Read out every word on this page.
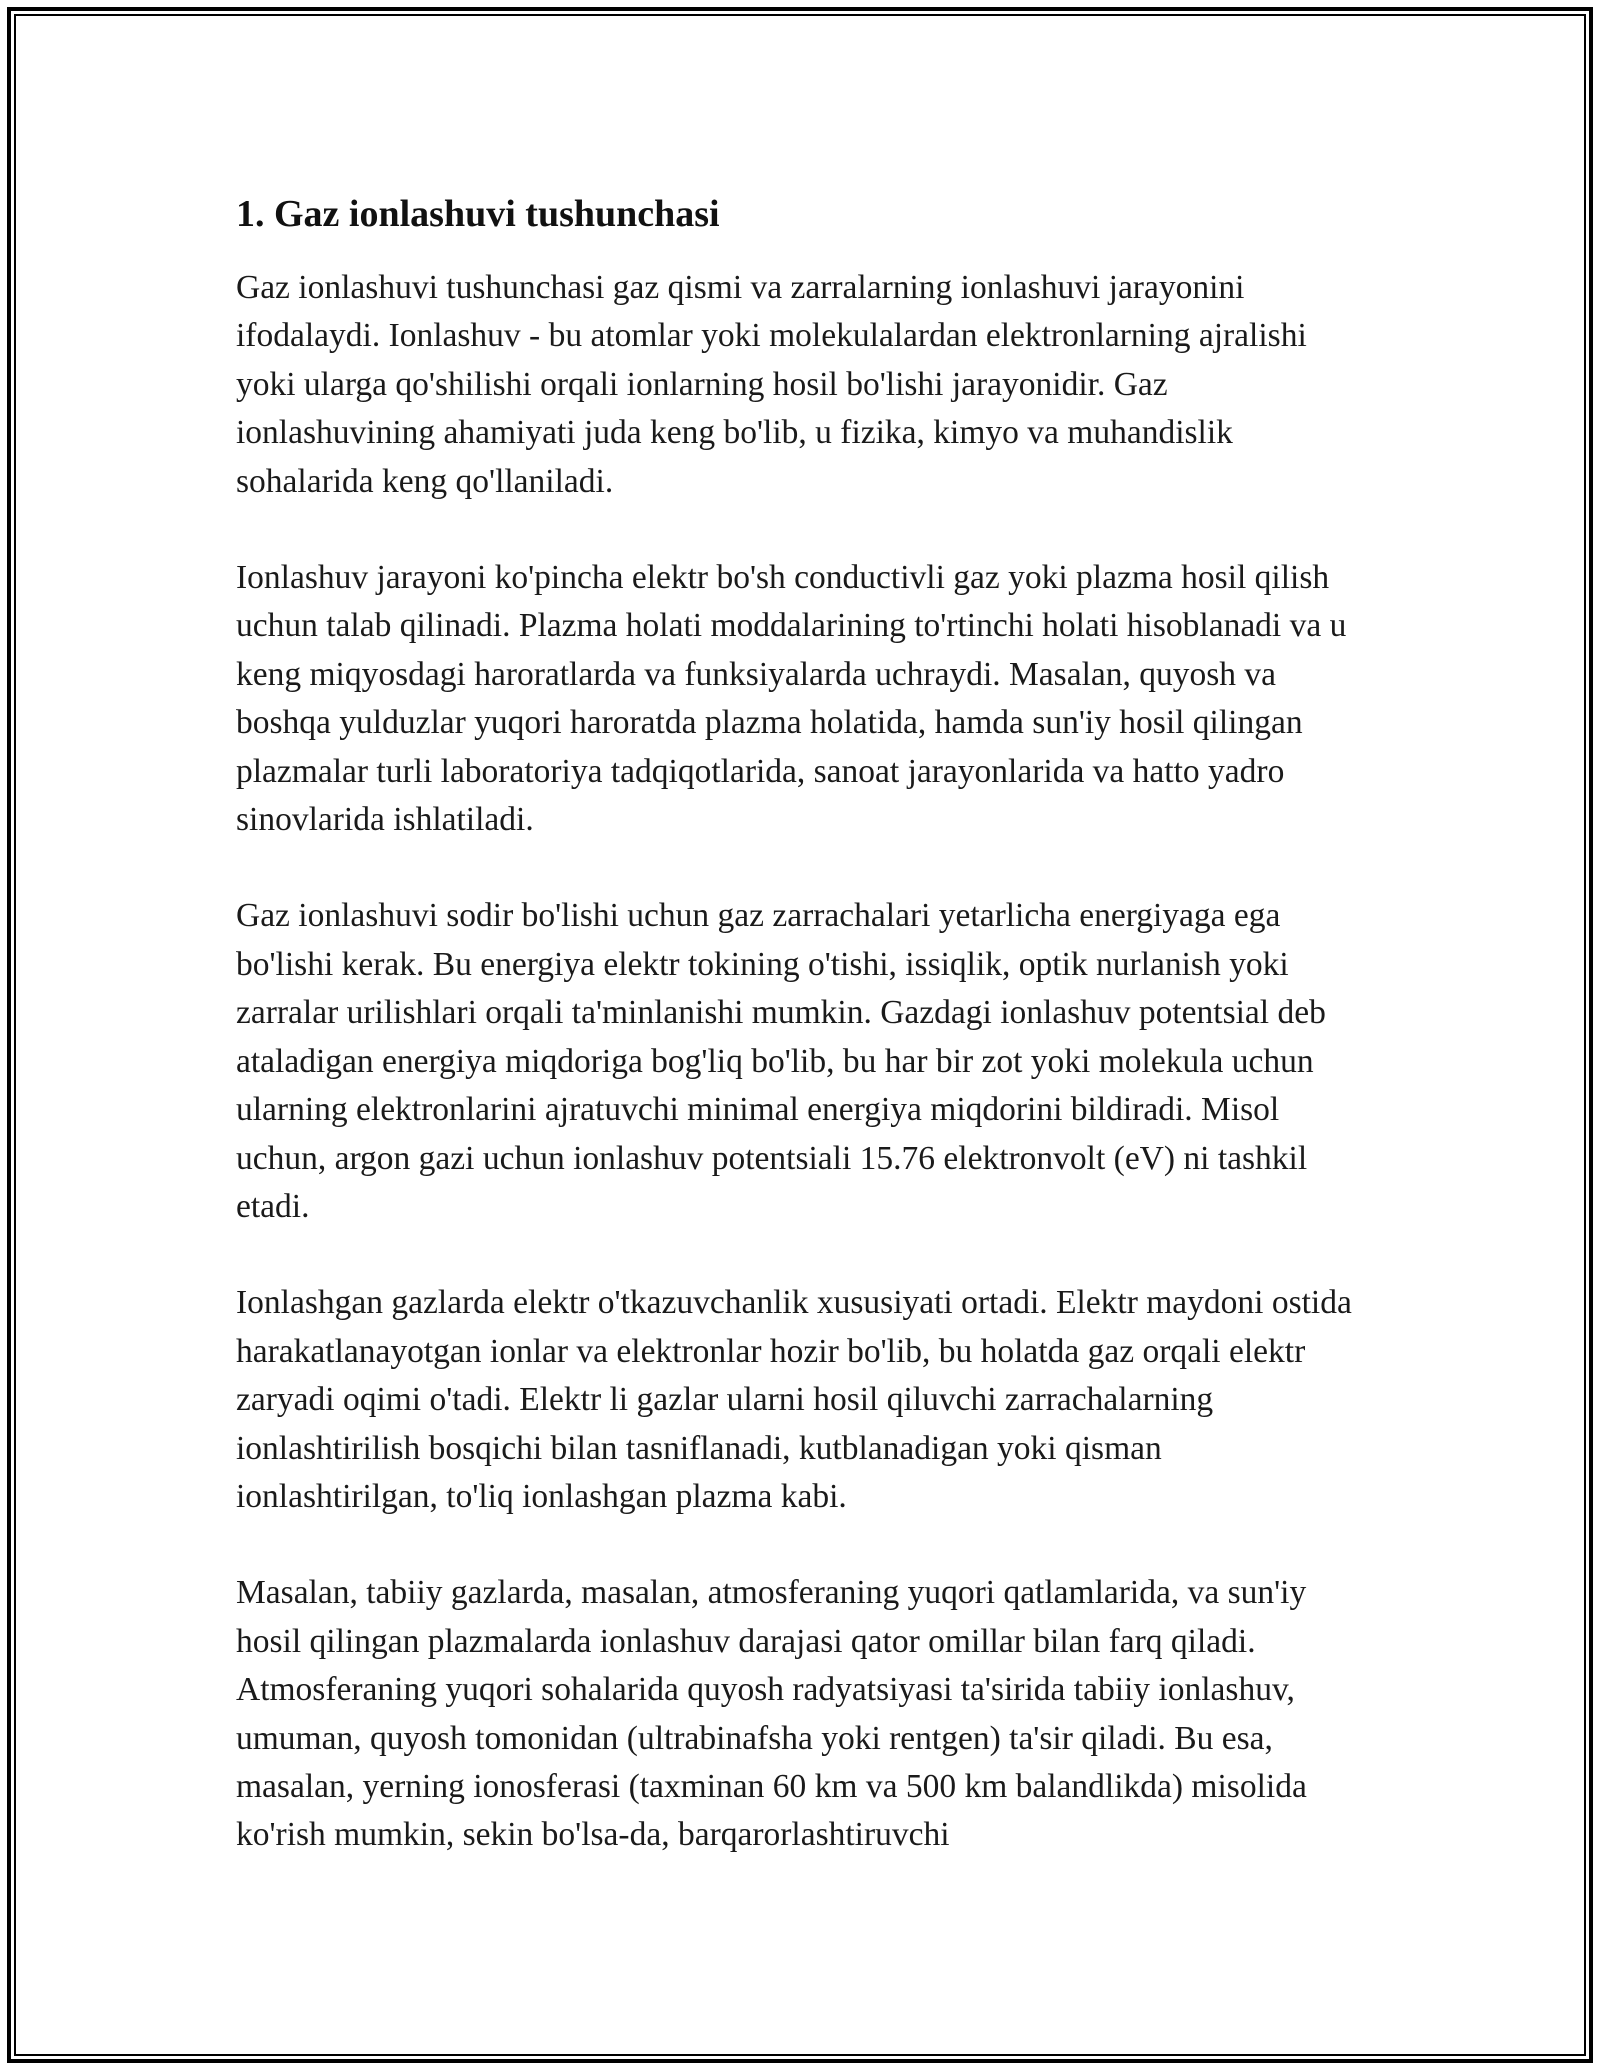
1. Gaz ionlashuvi tushunchasi

Gaz ionlashuvi tushunchasi gaz qismi va zarralarning ionlashuvi jarayonini ifodalaydi. Ionlashuv - bu atomlar yoki molekulalardan elektronlarning ajralishi yoki ularga qo'shilishi orqali ionlarning hosil bo'lishi jarayonidir. Gaz ionlashuvining ahamiyati juda keng bo'lib, u fizika, kimyo va muhandislik sohalarida keng qo'llaniladi.

Ionlashuv jarayoni ko'pincha elektr bo'sh conductivli gaz yoki plazma hosil qilish uchun talab qilinadi. Plazma holati moddalarining to'rtinchi holati hisoblanadi va u keng miqyosdagi haroratlarda va funksiyalarda uchraydi. Masalan, quyosh va boshqa yulduzlar yuqori haroratda plazma holatida, hamda sun'iy hosil qilingan plazmalar turli laboratoriya tadqiqotlarida, sanoat jarayonlarida va hatto yadro sinovlarida ishlatiladi.

Gaz ionlashuvi sodir bo'lishi uchun gaz zarrachalari yetarlicha energiyaga ega bo'lishi kerak. Bu energiya elektr tokining o'tishi, issiqlik, optik nurlanish yoki zarralar urilishlari orqali ta'minlanishi mumkin. Gazdagi ionlashuv potentsial deb ataladigan energiya miqdoriga bog'liq bo'lib, bu har bir zot yoki molekula uchun ularning elektronlarini ajratuvchi minimal energiya miqdorini bildiradi. Misol uchun, argon gazi uchun ionlashuv potentsiali 15.76 elektronvolt (eV) ni tashkil etadi.

Ionlashgan gazlarda elektr o'tkazuvchanlik xususiyati ortadi. Elektr maydoni ostida harakatlanayotgan ionlar va elektronlar hozir bo'lib, bu holatda gaz orqali elektr zaryadi oqimi o'tadi. Elektr li gazlar ularni hosil qiluvchi zarrachalarning ionlashtirilish bosqichi bilan tasniflanadi, kutblanadigan yoki qisman ionlashtirilgan, to'liq ionlashgan plazma kabi.

Masalan, tabiiy gazlarda, masalan, atmosferaning yuqori qatlamlarida, va sun'iy hosil qilingan plazmalarda ionlashuv darajasi qator omillar bilan farq qiladi. Atmosferaning yuqori sohalarida quyosh radyatsiyasi ta'sirida tabiiy ionlashuv, umuman, quyosh tomonidan (ultrabinafsha yoki rentgen) ta'sir qiladi. Bu esa, masalan, yerning ionosferasi (taxminan 60 km va 500 km balandlikda) misolida ko'rish mumkin, sekin bo'lsa-da, barqarorlashtiruvchi
